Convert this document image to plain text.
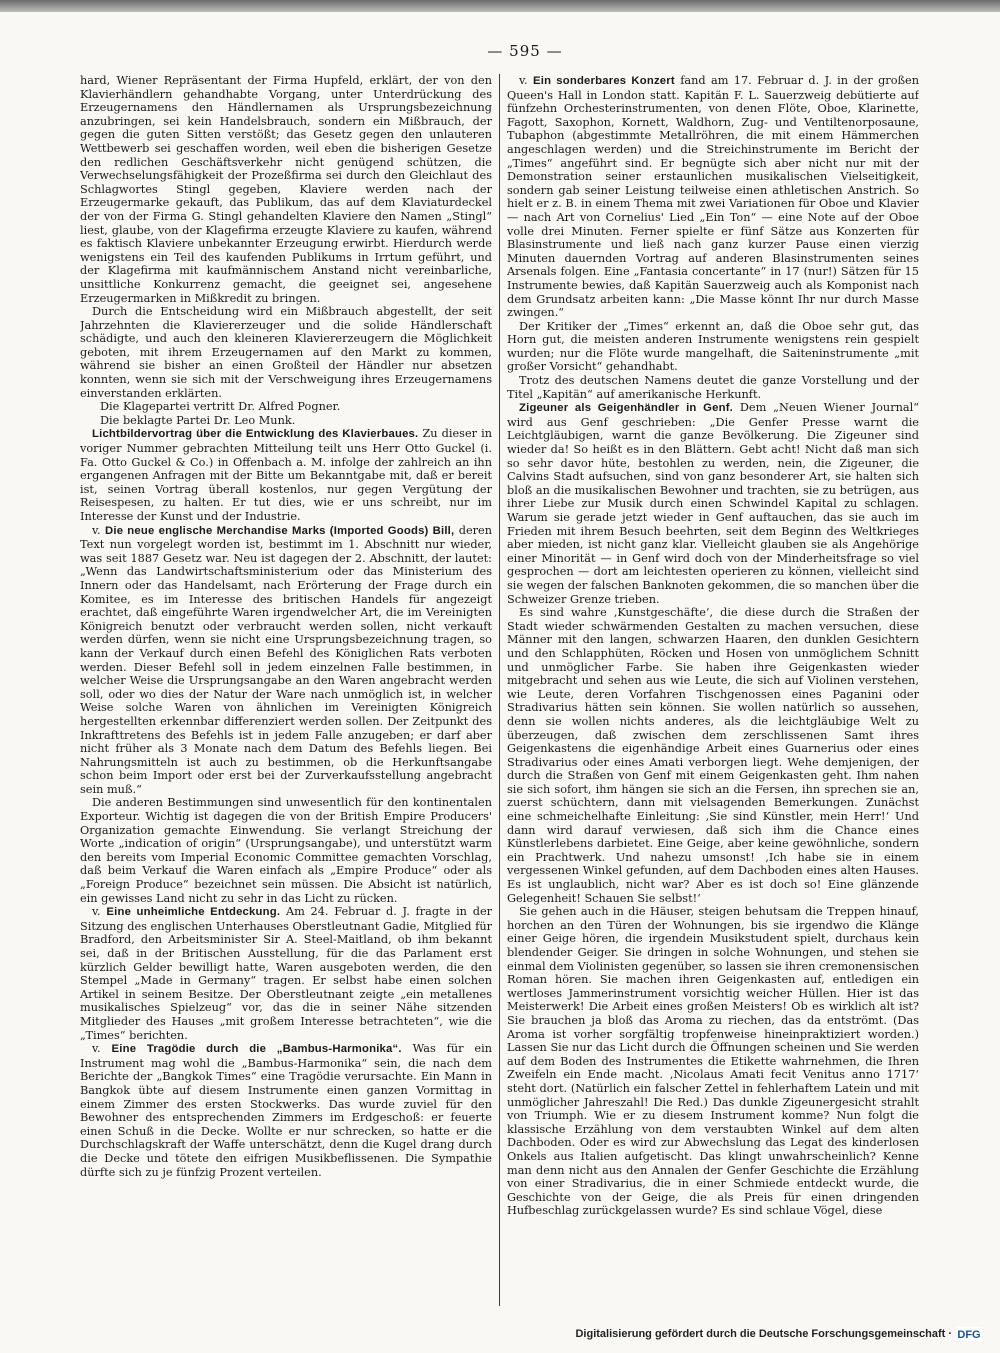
— 595 —

hard, Wiener Repräsentant der Firma Hupfeld, erklärt, der von den Klavierhändlern gehandhabte Vorgang, unter Unterdrückung des Erzeugernamens den Händlernamen als Ursprungsbezeichnung anzubringen, sei kein Handelsbrauch, sondern ein Mißbrauch, der gegen die guten Sitten verstößt; das Gesetz gegen den unlauteren Wettbewerb sei geschaffen worden, weil eben die bisherigen Gesetze den redlichen Geschäftsverkehr nicht genügend schützen, die Verwechselungsfähigkeit der Prozeßfirma sei durch den Gleichlaut des Schlagwortes Stingl gegeben, Klaviere werden nach der Erzeugermarke gekauft, das Publikum, das auf dem Klaviaturdeckel der von der Firma G. Stingl gehandelten Klaviere den Namen „Stingl“ liest, glaube, von der Klagefirma erzeugte Klaviere zu kaufen, während es faktisch Klaviere unbekannter Erzeugung erwirbt. Hierdurch werde wenigstens ein Teil des kaufenden Publikums in Irrtum geführt, und der Klagefirma mit kaufmännischem Anstand nicht vereinbarliche, unsittliche Konkurrenz gemacht, die geeignet sei, angesehene Erzeugermarken in Mißkredit zu bringen.

Durch die Entscheidung wird ein Mißbrauch abgestellt, der seit Jahrzehnten die Klaviererzeuger und die solide Händlerschaft schädigte, und auch den kleineren Klaviererzeugern die Möglichkeit geboten, mit ihrem Erzeugernamen auf den Markt zu kommen, während sie bisher an einen Großteil der Händler nur absetzen konnten, wenn sie sich mit der Verschweigung ihres Erzeugernamens einverstanden erklärten.

Die Klagepartei vertritt Dr. Alfred Pogner.

Die beklagte Partei Dr. Leo Munk.

Lichtbildervortrag über die Entwicklung des Klavierbaues. Zu dieser in voriger Nummer gebrachten Mitteilung teilt uns Herr Otto Guckel (i. Fa. Otto Guckel & Co.) in Offenbach a. M. infolge der zahlreich an ihn ergangenen Anfragen mit der Bitte um Bekanntgabe mit, daß er bereit ist, seinen Vortrag überall kostenlos, nur gegen Vergütung der Reisespesen, zu halten. Er tut dies, wie er uns schreibt, nur im Interesse der Kunst und der Industrie.

v. Die neue englische Merchandise Marks (Imported Goods) Bill, deren Text nun vorgelegt worden ist, bestimmt im 1. Abschnitt nur wieder, was seit 1887 Gesetz war. Neu ist dagegen der 2. Abschnitt, der lautet: „Wenn das Landwirtschaftsministerium oder das Ministerium des Innern oder das Handelsamt, nach Erörterung der Frage durch ein Komitee, es im Interesse des britischen Handels für angezeigt erachtet, daß eingeführte Waren irgendwelcher Art, die im Vereinigten Königreich benutzt oder verbraucht werden sollen, nicht verkauft werden dürfen, wenn sie nicht eine Ursprungsbezeichnung tragen, so kann der Verkauf durch einen Befehl des Königlichen Rats verboten werden. Dieser Befehl soll in jedem einzelnen Falle bestimmen, in welcher Weise die Ursprungsangabe an den Waren angebracht werden soll, oder wo dies der Natur der Ware nach unmöglich ist, in welcher Weise solche Waren von ähnlichen im Vereinigten Königreich hergestellten erkennbar differenziert werden sollen. Der Zeitpunkt des Inkrafttretens des Befehls ist in jedem Falle anzugeben; er darf aber nicht früher als 3 Monate nach dem Datum des Befehls liegen. Bei Nahrungsmitteln ist auch zu bestimmen, ob die Herkunftsangabe schon beim Import oder erst bei der Zurverkaufsstellung angebracht sein muß.“

Die anderen Bestimmungen sind unwesentlich für den kontinentalen Exporteur. Wichtig ist dagegen die von der British Empire Producers' Organization gemachte Einwendung. Sie verlangt Streichung der Worte „indication of origin“ (Ursprungsangabe), und unterstützt warm den bereits vom Imperial Economic Committee gemachten Vorschlag, daß beim Verkauf die Waren einfach als „Empire Produce“ oder als „Foreign Produce“ bezeichnet sein müssen. Die Absicht ist natürlich, ein gewisses Land nicht zu sehr in das Licht zu rücken.

v. Eine unheimliche Entdeckung. Am 24. Februar d. J. fragte in der Sitzung des englischen Unterhauses Oberstleutnant Gadie, Mitglied für Bradford, den Arbeitsminister Sir A. Steel-Maitland, ob ihm bekannt sei, daß in der Britischen Ausstellung, für die das Parlament erst kürzlich Gelder bewilligt hatte, Waren ausgeboten werden, die den Stempel „Made in Germany“ tragen. Er selbst habe einen solchen Artikel in seinem Besitze. Der Oberstleutnant zeigte „ein metallenes musikalisches Spielzeug“ vor, das die in seiner Nähe sitzenden Mitglieder des Hauses „mit großem Interesse betrachteten“, wie die „Times“ berichten.

v. Eine Tragödie durch die „Bambus-Harmonika“. Was für ein Instrument mag wohl die „Bambus-Harmonika“ sein, die nach dem Berichte der „Bangkok Times“ eine Tragödie verursachte. Ein Mann in Bangkok übte auf diesem Instrumente einen ganzen Vormittag in einem Zimmer des ersten Stockwerks. Das wurde zuviel für den Bewohner des entsprechenden Zimmers im Erdgeschoß: er feuerte einen Schuß in die Decke. Wollte er nur schrecken, so hatte er die Durchschlagskraft der Waffe unterschätzt, denn die Kugel drang durch die Decke und tötete den eifrigen Musikbeflissenen. Die Sympathie dürfte sich zu je fünfzig Prozent verteilen.

v. Ein sonderbares Konzert fand am 17. Februar d. J. in der großen Queen's Hall in London statt. Kapitän F. L. Sauerzweig debütierte auf fünfzehn Orchesterinstrumenten, von denen Flöte, Oboe, Klarinette, Fagott, Saxophon, Kornett, Waldhorn, Zug- und Ventiltenorposaune, Tubaphon (abgestimmte Metallröhren, die mit einem Hämmerchen angeschlagen werden) und die Streichinstrumente im Bericht der „Times“ angeführt sind. Er begnügte sich aber nicht nur mit der Demonstration seiner erstaunlichen musikalischen Vielseitigkeit, sondern gab seiner Leistung teilweise einen athletischen Anstrich. So hielt er z. B. in einem Thema mit zwei Variationen für Oboe und Klavier — nach Art von Cornelius' Lied „Ein Ton“ — eine Note auf der Oboe volle drei Minuten. Ferner spielte er fünf Sätze aus Konzerten für Blasinstrumente und ließ nach ganz kurzer Pause einen vierzig Minuten dauernden Vortrag auf anderen Blasinstrumenten seines Arsenals folgen. Eine „Fantasia concertante“ in 17 (nur!) Sätzen für 15 Instrumente bewies, daß Kapitän Sauerzweig auch als Komponist nach dem Grundsatz arbeiten kann: „Die Masse könnt Ihr nur durch Masse zwingen.“

Der Kritiker der „Times“ erkennt an, daß die Oboe sehr gut, das Horn gut, die meisten anderen Instrumente wenigstens rein gespielt wurden; nur die Flöte wurde mangelhaft, die Saiteninstrumente „mit großer Vorsicht“ gehandhabt.

Trotz des deutschen Namens deutet die ganze Vorstellung und der Titel „Kapitän“ auf amerikanische Herkunft.

Zigeuner als Geigenhändler in Genf. Dem „Neuen Wiener Journal“ wird aus Genf geschrieben: „Die Genfer Presse warnt die Leichtgläubigen, warnt die ganze Bevölkerung. Die Zigeuner sind wieder da! So heißt es in den Blättern. Gebt acht! Nicht daß man sich so sehr davor hüte, bestohlen zu werden, nein, die Zigeuner, die Calvins Stadt aufsuchen, sind von ganz besonderer Art, sie halten sich bloß an die musikalischen Bewohner und trachten, sie zu betrügen, aus ihrer Liebe zur Musik durch einen Schwindel Kapital zu schlagen. Warum sie gerade jetzt wieder in Genf auftauchen, das sie auch im Frieden mit ihrem Besuch beehrten, seit dem Beginn des Weltkrieges aber mieden, ist nicht ganz klar. Vielleicht glauben sie als Angehörige einer Minorität — in Genf wird doch von der Minderheitsfrage so viel gesprochen — dort am leichtesten operieren zu können, vielleicht sind sie wegen der falschen Banknoten gekommen, die so manchen über die Schweizer Grenze trieben.

Es sind wahre ‚Kunstgeschäfte‘, die diese durch die Straßen der Stadt wieder schwärmenden Gestalten zu machen versuchen, diese Männer mit den langen, schwarzen Haaren, den dunklen Gesichtern und den Schlapphüten, Röcken und Hosen von unmöglichem Schnitt und unmöglicher Farbe. Sie haben ihre Geigenkasten wieder mitgebracht und sehen aus wie Leute, die sich auf Violinen verstehen, wie Leute, deren Vorfahren Tischgenossen eines Paganini oder Stradivarius hätten sein können. Sie wollen natürlich so aussehen, denn sie wollen nichts anderes, als die leichtgläubige Welt zu überzeugen, daß zwischen dem zerschlissenen Samt ihres Geigenkastens die eigenhändige Arbeit eines Guarnerius oder eines Stradivarius oder eines Amati verborgen liegt. Wehe demjenigen, der durch die Straßen von Genf mit einem Geigenkasten geht. Ihm nahen sie sich sofort, ihm hängen sie sich an die Fersen, ihn sprechen sie an, zuerst schüchtern, dann mit vielsagenden Bemerkungen. Zunächst eine schmeichelhafte Einleitung: ‚Sie sind Künstler, mein Herr!‘ Und dann wird darauf verwiesen, daß sich ihm die Chance eines Künstlerlebens darbietet. Eine Geige, aber keine gewöhnliche, sondern ein Prachtwerk. Und nahezu umsonst! ‚Ich habe sie in einem vergessenen Winkel gefunden, auf dem Dachboden eines alten Hauses. Es ist unglaublich, nicht war? Aber es ist doch so! Eine glänzende Gelegenheit! Schauen Sie selbst!‘

Sie gehen auch in die Häuser, steigen behutsam die Treppen hinauf, horchen an den Türen der Wohnungen, bis sie irgendwo die Klänge einer Geige hören, die irgendein Musikstudent spielt, durchaus kein blendender Geiger. Sie dringen in solche Wohnungen, und stehen sie einmal dem Violinisten gegenüber, so lassen sie ihren cremonensischen Roman hören. Sie machen ihren Geigenkasten auf, entledigen ein wertloses Jammerinstrument vorsichtig weicher Hüllen. Hier ist das Meisterwerk! Die Arbeit eines großen Meisters! Ob es wirklich alt ist? Sie brauchen ja bloß das Aroma zu riechen, das da entströmt. (Das Aroma ist vorher sorgfältig tropfenweise hineinpraktiziert worden.) Lassen Sie nur das Licht durch die Öffnungen scheinen und Sie werden auf dem Boden des Instrumentes die Etikette wahrnehmen, die Ihren Zweifeln ein Ende macht. ‚Nicolaus Amati fecit Venitus anno 1717‘ steht dort. (Natürlich ein falscher Zettel in fehlerhaftem Latein und mit unmöglicher Jahreszahl! Die Red.) Das dunkle Zigeunergesicht strahlt von Triumph. Wie er zu diesem Instrument komme? Nun folgt die klassische Erzählung von dem verstaubten Winkel auf dem alten Dachboden. Oder es wird zur Abwechslung das Legat des kinderlosen Onkels aus Italien aufgetischt. Das klingt unwahrscheinlich? Kenne man denn nicht aus den Annalen der Genfer Geschichte die Erzählung von einer Stradivarius, die in einer Schmiede entdeckt wurde, die Geschichte von der Geige, die als Preis für einen dringenden Hufbeschlag zurückgelassen wurde? Es sind schlaue Vögel, diese

Digitalisierung gefördert durch die Deutsche Forschungsgemeinschaft · DFG
